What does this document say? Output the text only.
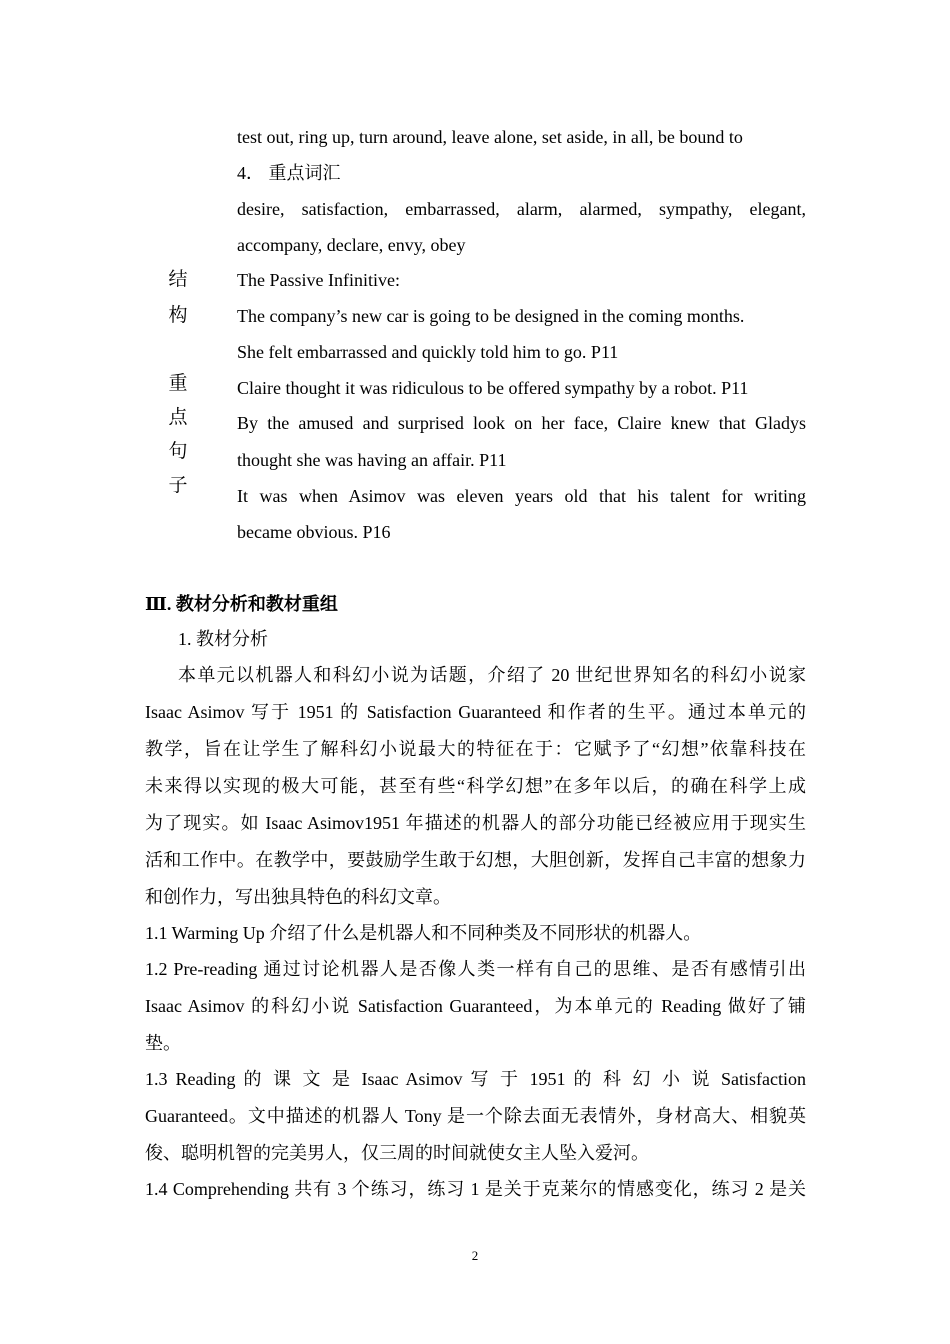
test out, ring up, turn around, leave alone, set aside, in all, be bound to
4． 重点词汇
desire, satisfaction, embarrassed, alarm, alarmed, sympathy, elegant,
accompany, declare, envy, obey
The Passive Infinitive:
The company’s new car is going to be designed in the coming months.
She felt embarrassed and quickly told him to go. P11
Claire thought it was ridiculous to be offered sympathy by a robot. P11
By the amused and surprised look on her face, Claire knew that Gladys
thought she was having an affair. P11
It was when Asimov was eleven years old that his talent for writing
became obvious. P16
结
构
重
点
句
子
Ⅲ. 教材分析和教材重组
1. 教材分析
本单元以机器人和科幻小说为话题，介绍了 20 世纪世界知名的科幻小说家
Isaac Asimov 写于 1951 的 Satisfaction Guaranteed 和作者的生平。通过本单元的
教学，旨在让学生了解科幻小说最大的特征在于：它赋予了“幻想”依靠科技在
未来得以实现的极大可能，甚至有些“科学幻想”在多年以后，的确在科学上成
为了现实。如 Isaac Asimov1951 年描述的机器人的部分功能已经被应用于现实生
活和工作中。在教学中，要鼓励学生敢于幻想，大胆创新，发挥自己丰富的想象力
和创作力，写出独具特色的科幻文章。
1.1 Warming Up 介绍了什么是机器人和不同种类及不同形状的机器人。
1.2 Pre-reading 通过讨论机器人是否像人类一样有自己的思维、是否有感情引出
Isaac Asimov 的科幻小说 Satisfaction Guaranteed，为本单元的 Reading 做好了铺
垫。
1.3 Reading 的 课 文 是 Isaac Asimov 写 于 1951 的 科 幻 小 说 Satisfaction
Guaranteed。文中描述的机器人 Tony 是一个除去面无表情外，身材高大、相貌英
俊、聪明机智的完美男人，仅三周的时间就使女主人坠入爱河。
1.4 Comprehending 共有 3 个练习，练习 1 是关于克莱尔的情感变化，练习 2 是关
2
